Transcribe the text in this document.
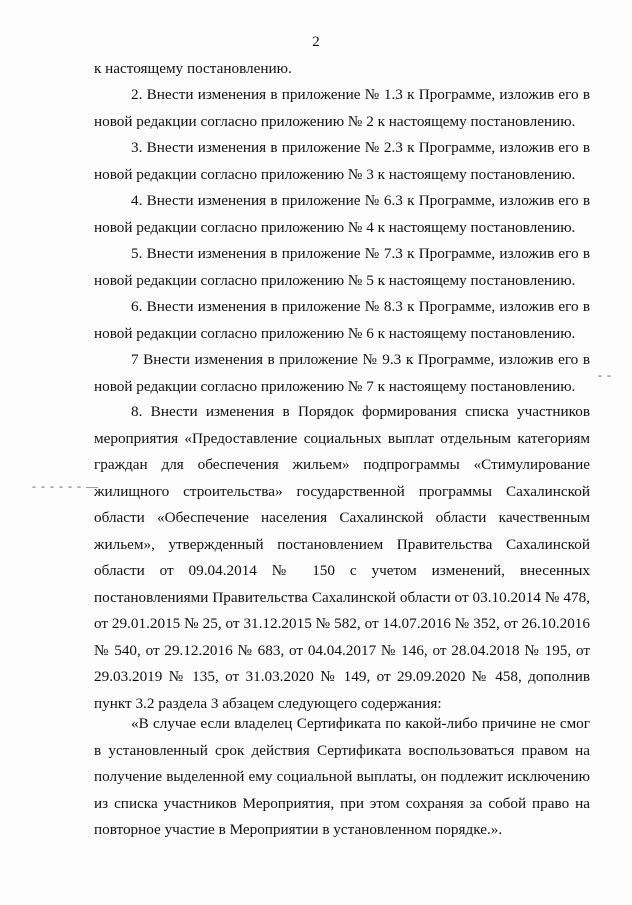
2

к настоящему постановлению.

2. Внести изменения в приложение № 1.3 к Программе, изложив его в новой редакции согласно приложению № 2 к настоящему постановлению.

3. Внести изменения в приложение № 2.3 к Программе, изложив его в новой редакции согласно приложению № 3 к настоящему постановлению.

4. Внести изменения в приложение № 6.3 к Программе, изложив его в новой редакции согласно приложению № 4 к настоящему постановлению.

5. Внести изменения в приложение № 7.3 к Программе, изложив его в новой редакции согласно приложению № 5 к настоящему постановлению.

6. Внести изменения в приложение № 8.3 к Программе, изложив его в новой редакции согласно приложению № 6 к настоящему постановлению.

7 Внести изменения в приложение № 9.3 к Программе, изложив его в новой редакции согласно приложению № 7 к настоящему постановлению.

8. Внести изменения в Порядок формирования списка участников мероприятия «Предоставление социальных выплат отдельным категориям граждан для обеспечения жильем» подпрограммы «Стимулирование жилищного строительства» государственной программы Сахалинской области «Обеспечение населения Сахалинской области качественным жильем», утвержденный постановлением Правительства Сахалинской области от 09.04.2014 № 150 с учетом изменений, внесенных постановлениями Правительства Сахалинской области от 03.10.2014 № 478, от 29.01.2015 № 25, от 31.12.2015 № 582, от 14.07.2016 № 352, от 26.10.2016 № 540, от 29.12.2016 № 683, от 04.04.2017 № 146, от 28.04.2018 № 195, от 29.03.2019 № 135, от 31.03.2020 № 149, от 29.09.2020 № 458, дополнив пункт 3.2 раздела 3 абзацем следующего содержания:

«В случае если владелец Сертификата по какой-либо причине не смог в установленный срок действия Сертификата воспользоваться правом на получение выделенной ему социальной выплаты, он подлежит исключению из списка участников Мероприятия, при этом сохраняя за собой право на повторное участие в Мероприятии в установленном порядке.».

- - - - - - —
- -
